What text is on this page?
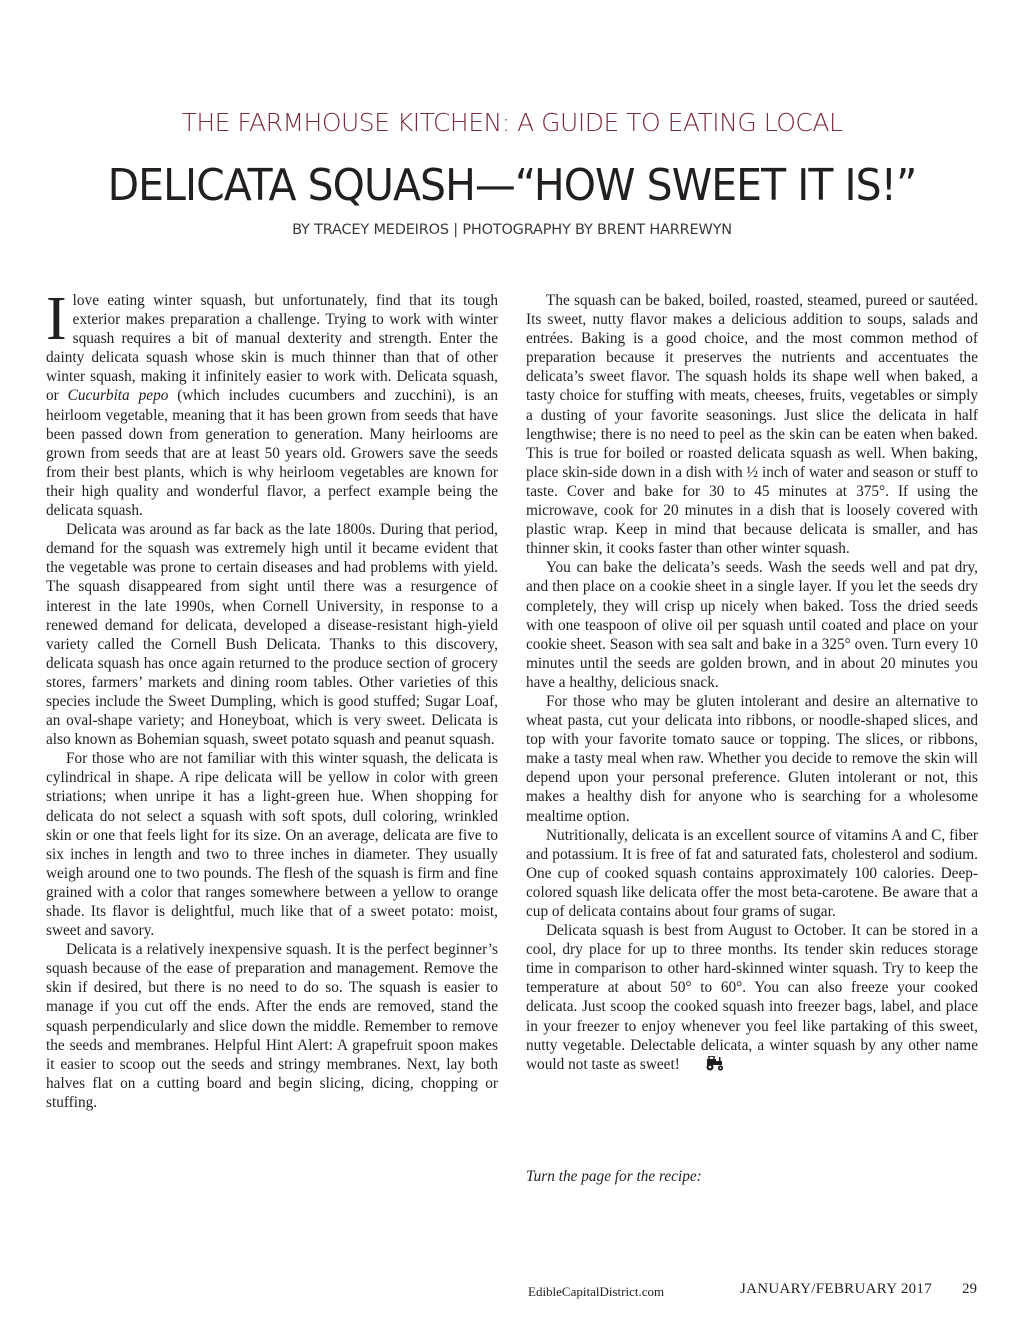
THE FARMHOUSE KITCHEN: A GUIDE TO EATING LOCAL
DELICATA SQUASH—“HOW SWEET IT IS!”
BY TRACEY MEDEIROS | PHOTOGRAPHY BY BRENT HARREWYN

Ilove eating winter squash, but unfortunately, find that its tough exterior makes preparation a challenge. Trying to work with winter squash requires a bit of manual dexterity and strength. Enter the dainty delicata squash whose skin is much thinner than that of other winter squash, making it infinitely easier to work with. Delicata squash, or Cucurbita pepo (which includes cucumbers and zucchini), is an heirloom vegetable, meaning that it has been grown from seeds that have been passed down from generation to generation. Many heirlooms are grown from seeds that are at least 50 years old. Growers save the seeds from their best plants, which is why heirloom vegetables are known for their high quality and wonderful flavor, a perfect example being the delicata squash.

Delicata was around as far back as the late 1800s. During that period, demand for the squash was extremely high until it became evident that the vegetable was prone to certain diseases and had problems with yield. The squash disappeared from sight until there was a resurgence of interest in the late 1990s, when Cornell University, in response to a renewed demand for delicata, developed a disease-resistant high-yield variety called the Cornell Bush Delicata. Thanks to this discovery, delicata squash has once again returned to the produce section of grocery stores, farmers’ markets and dining room tables. Other varieties of this species include the Sweet Dumpling, which is good stuffed; Sugar Loaf, an oval-shape variety; and Honeyboat, which is very sweet. Delicata is also known as Bohemian squash, sweet potato squash and peanut squash.

For those who are not familiar with this winter squash, the delicata is cylindrical in shape. A ripe delicata will be yellow in color with green striations; when unripe it has a light-green hue. When shopping for delicata do not select a squash with soft spots, dull coloring, wrinkled skin or one that feels light for its size. On an average, delicata are five to six inches in length and two to three inches in diameter. They usually weigh around one to two pounds. The flesh of the squash is firm and fine grained with a color that ranges somewhere between a yellow to orange shade. Its flavor is delightful, much like that of a sweet potato: moist, sweet and savory.

Delicata is a relatively inexpensive squash. It is the perfect beginner’s squash because of the ease of preparation and management. Remove the skin if desired, but there is no need to do so. The squash is easier to manage if you cut off the ends. After the ends are removed, stand the squash perpendicularly and slice down the middle. Remember to remove the seeds and membranes. Helpful Hint Alert: A grapefruit spoon makes it easier to scoop out the seeds and stringy membranes. Next, lay both halves flat on a cutting board and begin slicing, dicing, chopping or stuffing.

The squash can be baked, boiled, roasted, steamed, pureed or sautéed. Its sweet, nutty flavor makes a delicious addition to soups, salads and entrées. Baking is a good choice, and the most common method of preparation because it preserves the nutrients and accentuates the delicata’s sweet flavor. The squash holds its shape well when baked, a tasty choice for stuffing with meats, cheeses, fruits, vegetables or simply a dusting of your favorite seasonings. Just slice the delicata in half lengthwise; there is no need to peel as the skin can be eaten when baked. This is true for boiled or roasted delicata squash as well. When baking, place skin-side down in a dish with ½ inch of water and season or stuff to taste. Cover and bake for 30 to 45 minutes at 375°. If using the microwave, cook for 20 minutes in a dish that is loosely covered with plastic wrap. Keep in mind that because delicata is smaller, and has thinner skin, it cooks faster than other winter squash.

You can bake the delicata’s seeds. Wash the seeds well and pat dry, and then place on a cookie sheet in a single layer. If you let the seeds dry completely, they will crisp up nicely when baked. Toss the dried seeds with one teaspoon of olive oil per squash until coated and place on your cookie sheet. Season with sea salt and bake in a 325° oven. Turn every 10 minutes until the seeds are golden brown, and in about 20 minutes you have a healthy, delicious snack.

For those who may be gluten intolerant and desire an alternative to wheat pasta, cut your delicata into ribbons, or noodle-shaped slices, and top with your favorite tomato sauce or topping. The slices, or ribbons, make a tasty meal when raw. Whether you decide to remove the skin will depend upon your personal preference. Gluten intolerant or not, this makes a healthy dish for anyone who is searching for a wholesome mealtime option.

Nutritionally, delicata is an excellent source of vitamins A and C, fiber and potassium. It is free of fat and saturated fats, cholesterol and sodium. One cup of cooked squash contains approximately 100 calories. Deep-colored squash like delicata offer the most beta-carotene. Be aware that a cup of delicata contains about four grams of sugar.

Delicata squash is best from August to October. It can be stored in a cool, dry place for up to three months. Its tender skin reduces storage time in comparison to other hard-skinned winter squash. Try to keep the temperature at about 50° to 60°. You can also freeze your cooked delicata. Just scoop the cooked squash into freezer bags, label, and place in your freezer to enjoy whenever you feel like partaking of this sweet, nutty vegetable. Delectable delicata, a winter squash by any other name would not taste as sweet!

Turn the page for the recipe:
EdibleCapitalDistrict.com	JANUARY/FEBRUARY 2017 29
